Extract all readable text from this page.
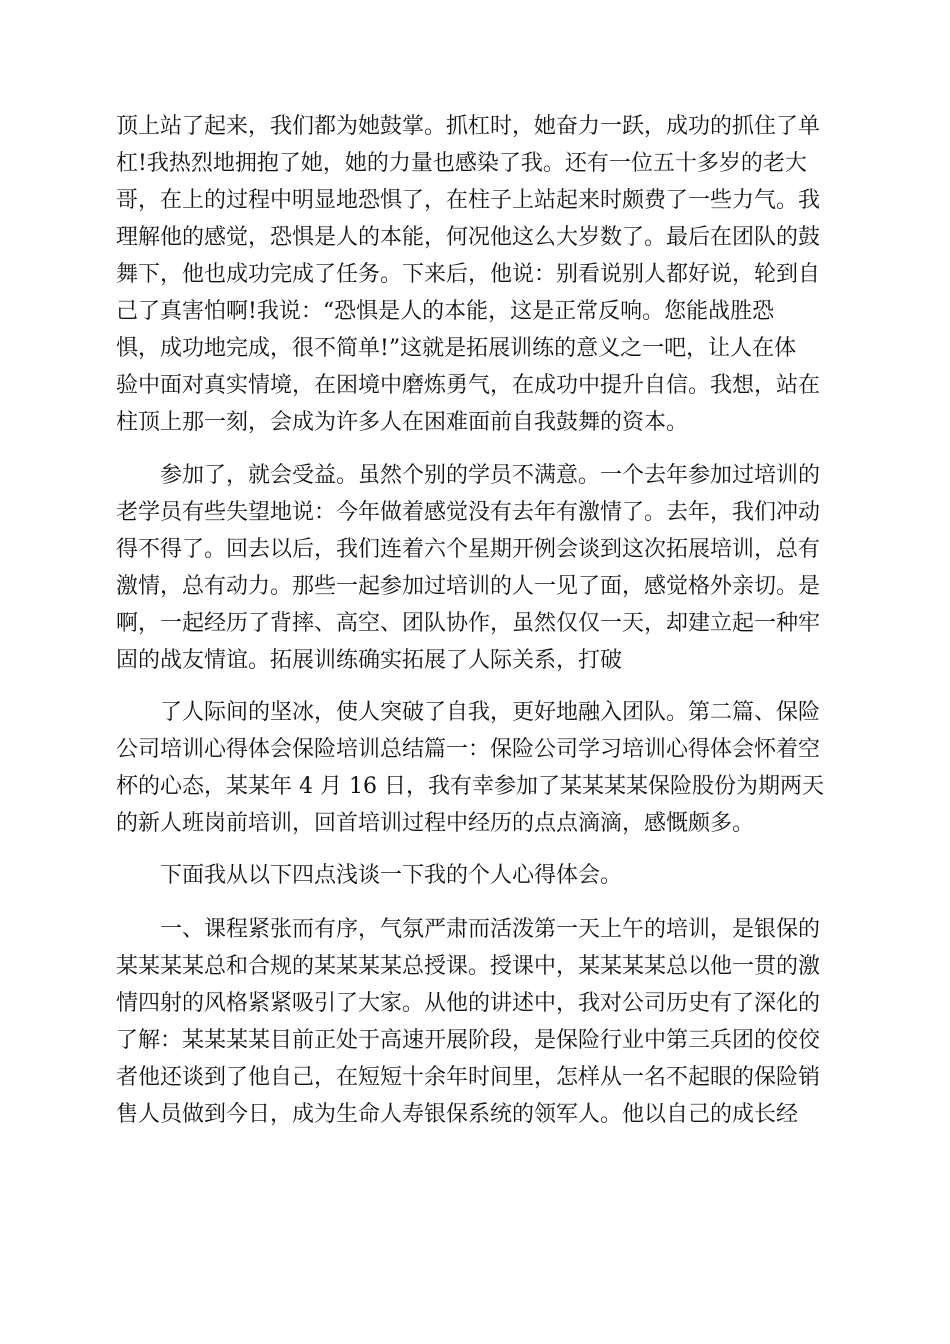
顶上站了起来，我们都为她鼓掌。抓杠时，她奋力一跃，成功的抓住了单
杠!我热烈地拥抱了她，她的力量也感染了我。还有一位五十多岁的老大
哥，在上的过程中明显地恐惧了，在柱子上站起来时颇费了一些力气。我
理解他的感觉，恐惧是人的本能，何况他这么大岁数了。最后在团队的鼓
舞下，他也成功完成了任务。下来后，他说：别看说别人都好说，轮到自
己了真害怕啊!我说：“恐惧是人的本能，这是正常反响。您能战胜恐
惧，成功地完成，很不简单!”这就是拓展训练的意义之一吧，让人在体
验中面对真实情境，在困境中磨炼勇气，在成功中提升自信。我想，站在
柱顶上那一刻，会成为许多人在困难面前自我鼓舞的资本。
　　参加了，就会受益。虽然个别的学员不满意。一个去年参加过培训的
老学员有些失望地说：今年做着感觉没有去年有激情了。去年，我们冲动
得不得了。回去以后，我们连着六个星期开例会谈到这次拓展培训，总有
激情，总有动力。那些一起参加过培训的人一见了面，感觉格外亲切。是
啊，一起经历了背摔、高空、团队协作，虽然仅仅一天，却建立起一种牢
固的战友情谊。拓展训练确实拓展了人际关系，打破
　　了人际间的坚冰，使人突破了自我，更好地融入团队。第二篇、保险
公司培训心得体会保险培训总结篇一：保险公司学习培训心得体会怀着空
杯的心态，某某年 4 月 16 日，我有幸参加了某某某某保险股份为期两天
的新人班岗前培训，回首培训过程中经历的点点滴滴，感慨颇多。
　　下面我从以下四点浅谈一下我的个人心得体会。
　　一、课程紧张而有序，气氛严肃而活泼第一天上午的培训，是银保的
某某某某总和合规的某某某某总授课。授课中，某某某某总以他一贯的激
情四射的风格紧紧吸引了大家。从他的讲述中，我对公司历史有了深化的
了解：某某某某目前正处于高速开展阶段，是保险行业中第三兵团的佼佼
者他还谈到了他自己，在短短十余年时间里，怎样从一名不起眼的保险销
售人员做到今日，成为生命人寿银保系统的领军人。他以自己的成长经
